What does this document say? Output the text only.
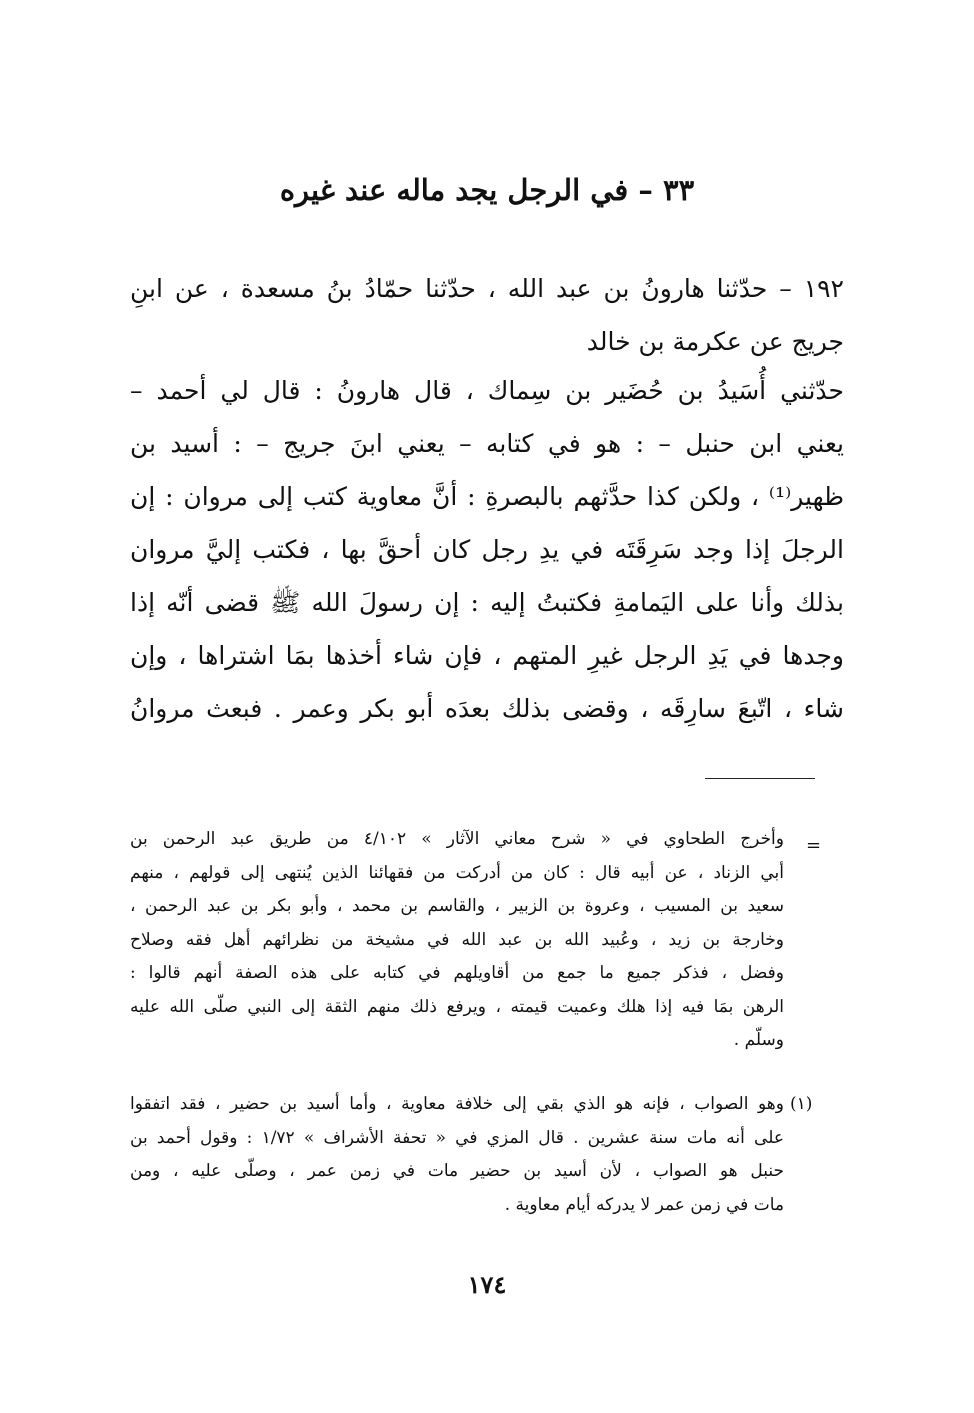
٣٣ – في الرجل يجد ماله عند غيره
١٩٢ – حدّثنا هارونُ بن عبد الله ، حدّثنا حمّادُ بنُ مسعدة ، عن ابنِ
جريج عن عكرمة بن خالد
حدّثني أُسَيدُ بن حُضَير بن سِماك ، قال هارونُ : قال لي أحمد –
يعني ابن حنبل – : هو في كتابه – يعني ابنَ جريج – : أسيد بن
ظهير⁽¹⁾ ، ولكن كذا حدَّثهم بالبصرةِ : أنَّ معاوية كتب إلى مروان : إن
الرجلَ إذا وجد سَرِقَتَه في يدِ رجل كان أحقَّ بها ، فكتب إليَّ مروان
بذلك وأنا على اليَمامةِ فكتبتُ إليه : إن رسولَ الله ﷺ قضى أنّه إذا
وجدها في يَدِ الرجل غيرِ المتهم ، فإن شاء أخذها بمَا اشتراها ، وإن
شاء ، اتّبعَ سارِقَه ، وقضى بذلك بعدَه أبو بكر وعمر . فبعث مروانُ
=
وأخرج الطحاوي في « شرح معاني الآثار » ٤/١٠٢ من طريق عبد الرحمن بن
أبي الزناد ، عن أبيه قال : كان من أدركت من فقهائنا الذين يُنتهى إلى قولهم ، منهم
سعيد بن المسيب ، وعروة بن الزبير ، والقاسم بن محمد ، وأبو بكر بن عبد الرحمن ،
وخارجة بن زيد ، وعُبيد الله بن عبد الله في مشيخة من نظرائهم أهل فقه وصلاح
وفضل ، فذكر جميع ما جمع من أقاويلهم في كتابه على هذه الصفة أنهم قالوا :
الرهن بمَا فيه إذا هلك وعميت قيمته ، ويرفع ذلك منهم الثقة إلى النبي صلّى الله عليه
وسلّم .
(١)
وهو الصواب ، فإنه هو الذي بقي إلى خلافة معاوية ، وأما أسيد بن حضير ، فقد اتفقوا
على أنه مات سنة عشرين . قال المزي في « تحفة الأشراف » ١/٧٢ : وقول أحمد بن
حنبل هو الصواب ، لأن أسيد بن حضير مات في زمن عمر ، وصلّى عليه ، ومن
مات في زمن عمر لا يدركه أيام معاوية .
١٧٤
